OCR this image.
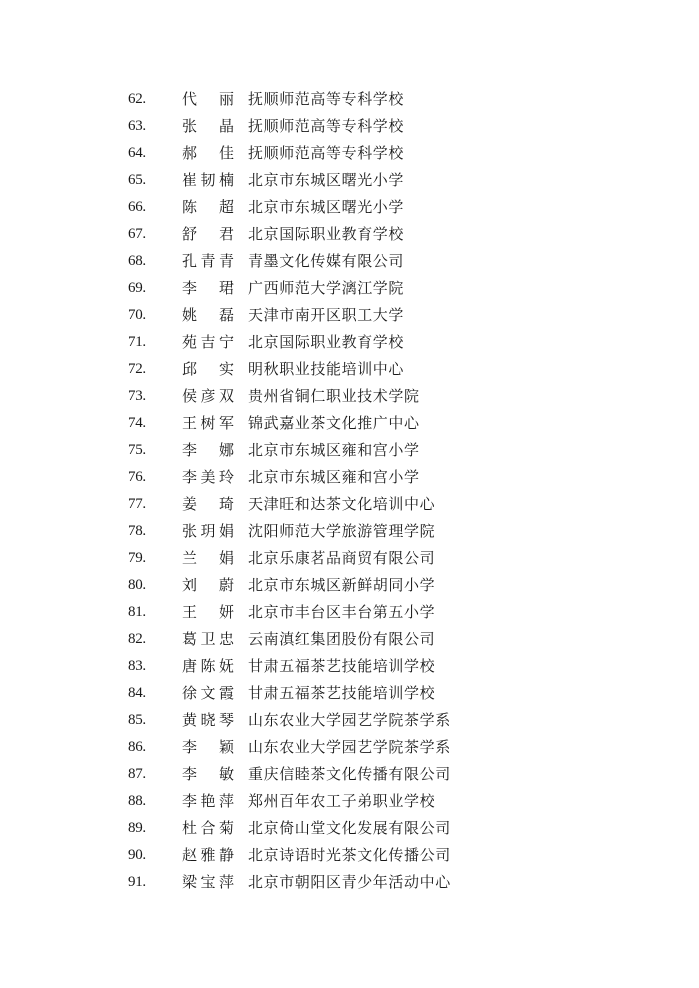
62.	代　丽 抚顺师范高等专科学校
63.	张　晶 抚顺师范高等专科学校
64.	郝　佳 抚顺师范高等专科学校
65.	崔韧楠 北京市东城区曙光小学
66.	陈　超 北京市东城区曙光小学
67.	舒　君 北京国际职业教育学校
68.	孔青青 青墨文化传媒有限公司
69.	李　珺 广西师范大学漓江学院
70.	姚　磊 天津市南开区职工大学
71.	苑吉宁 北京国际职业教育学校
72.	邱　实 明秋职业技能培训中心
73.	侯彦双 贵州省铜仁职业技术学院
74.	王树军 锦武嘉业茶文化推广中心
75.	李　娜 北京市东城区雍和宫小学
76.	李美玲 北京市东城区雍和宫小学
77.	姜　琦 天津旺和达茶文化培训中心
78.	张玥娟 沈阳师范大学旅游管理学院
79.	兰　娟 北京乐康茗品商贸有限公司
80.	刘　蔚 北京市东城区新鲜胡同小学
81.	王　妍 北京市丰台区丰台第五小学
82.	葛卫忠 云南滇红集团股份有限公司
83.	唐陈妩 甘肃五福茶艺技能培训学校
84.	徐文霞 甘肃五福茶艺技能培训学校
85.	黄晓琴 山东农业大学园艺学院茶学系
86.	李　颖 山东农业大学园艺学院茶学系
87.	李　敏 重庆信睦茶文化传播有限公司
88.	李艳萍 郑州百年农工子弟职业学校
89.	杜合菊 北京倚山堂文化发展有限公司
90.	赵雅静 北京诗语时光茶文化传播公司
91.	梁宝萍 北京市朝阳区青少年活动中心
